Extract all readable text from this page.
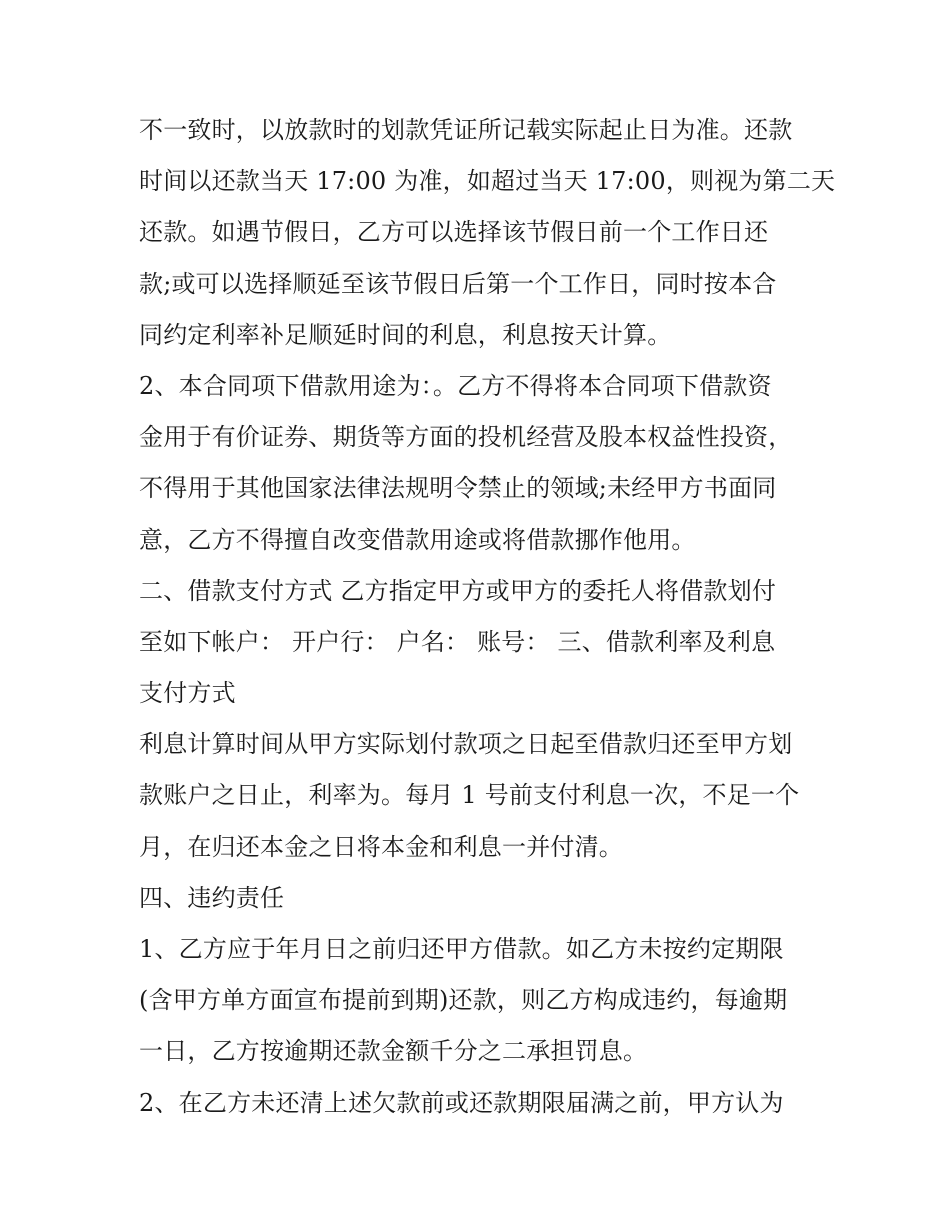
不一致时，以放款时的划款凭证所记载实际起止日为准。还款
时间以还款当天 17:00 为准，如超过当天 17:00，则视为第二天
还款。如遇节假日，乙方可以选择该节假日前一个工作日还
款;或可以选择顺延至该节假日后第一个工作日，同时按本合
同约定利率补足顺延时间的利息，利息按天计算。
2、本合同项下借款用途为：。乙方不得将本合同项下借款资
金用于有价证券、期货等方面的投机经营及股本权益性投资，
不得用于其他国家法律法规明令禁止的领域;未经甲方书面同
意，乙方不得擅自改变借款用途或将借款挪作他用。
二、借款支付方式 乙方指定甲方或甲方的委托人将借款划付
至如下帐户： 开户行： 户名： 账号： 三、借款利率及利息
支付方式
利息计算时间从甲方实际划付款项之日起至借款归还至甲方划
款账户之日止，利率为。每月 1 号前支付利息一次，不足一个
月，在归还本金之日将本金和利息一并付清。
四、违约责任
1、乙方应于年月日之前归还甲方借款。如乙方未按约定期限
(含甲方单方面宣布提前到期)还款，则乙方构成违约，每逾期
一日，乙方按逾期还款金额千分之二承担罚息。
2、在乙方未还清上述欠款前或还款期限届满之前，甲方认为
